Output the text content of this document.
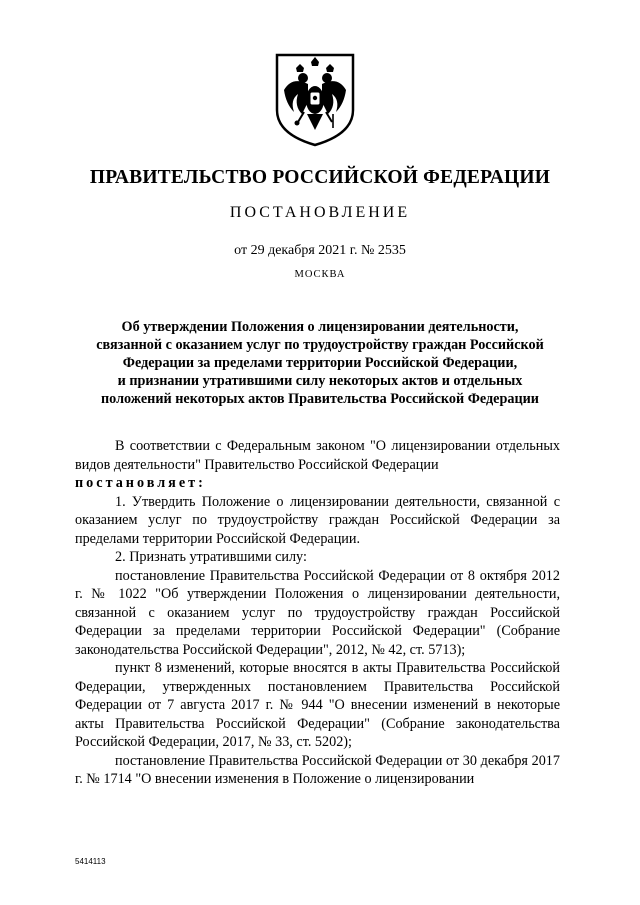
ПРАВИТЕЛЬСТВО РОССИЙСКОЙ ФЕДЕРАЦИИ
ПОСТАНОВЛЕНИЕ
от 29 декабря 2021 г. № 2535
МОСКВА
Об утверждении Положения о лицензировании деятельности,
связанной с оказанием услуг по трудоустройству граждан Российской
Федерации за пределами территории Российской Федерации,
и признании утратившими силу некоторых актов и отдельных
положений некоторых актов Правительства Российской Федерации

В соответствии с Федеральным законом "О лицензировании отдельных видов деятельности" Правительство Российской Федерации

постановляет:

1. Утвердить Положение о лицензировании деятельности, связанной с оказанием услуг по трудоустройству граждан Российской Федерации за пределами территории Российской Федерации.

2. Признать утратившими силу:

постановление Правительства Российской Федерации от 8 октября 2012 г. № 1022 "Об утверждении Положения о лицензировании деятельности, связанной с оказанием услуг по трудоустройству граждан Российской Федерации за пределами территории Российской Федерации" (Собрание законодательства Российской Федерации", 2012, № 42, ст. 5713);

пункт 8 изменений, которые вносятся в акты Правительства Российской Федерации, утвержденных постановлением Правительства Российской Федерации от 7 августа 2017 г. № 944 "О внесении изменений в некоторые акты Правительства Российской Федерации" (Собрание законодательства Российской Федерации, 2017, № 33, ст. 5202);

постановление Правительства Российской Федерации от 30 декабря 2017 г. № 1714 "О внесении изменения в Положение о лицензировании

5414113
